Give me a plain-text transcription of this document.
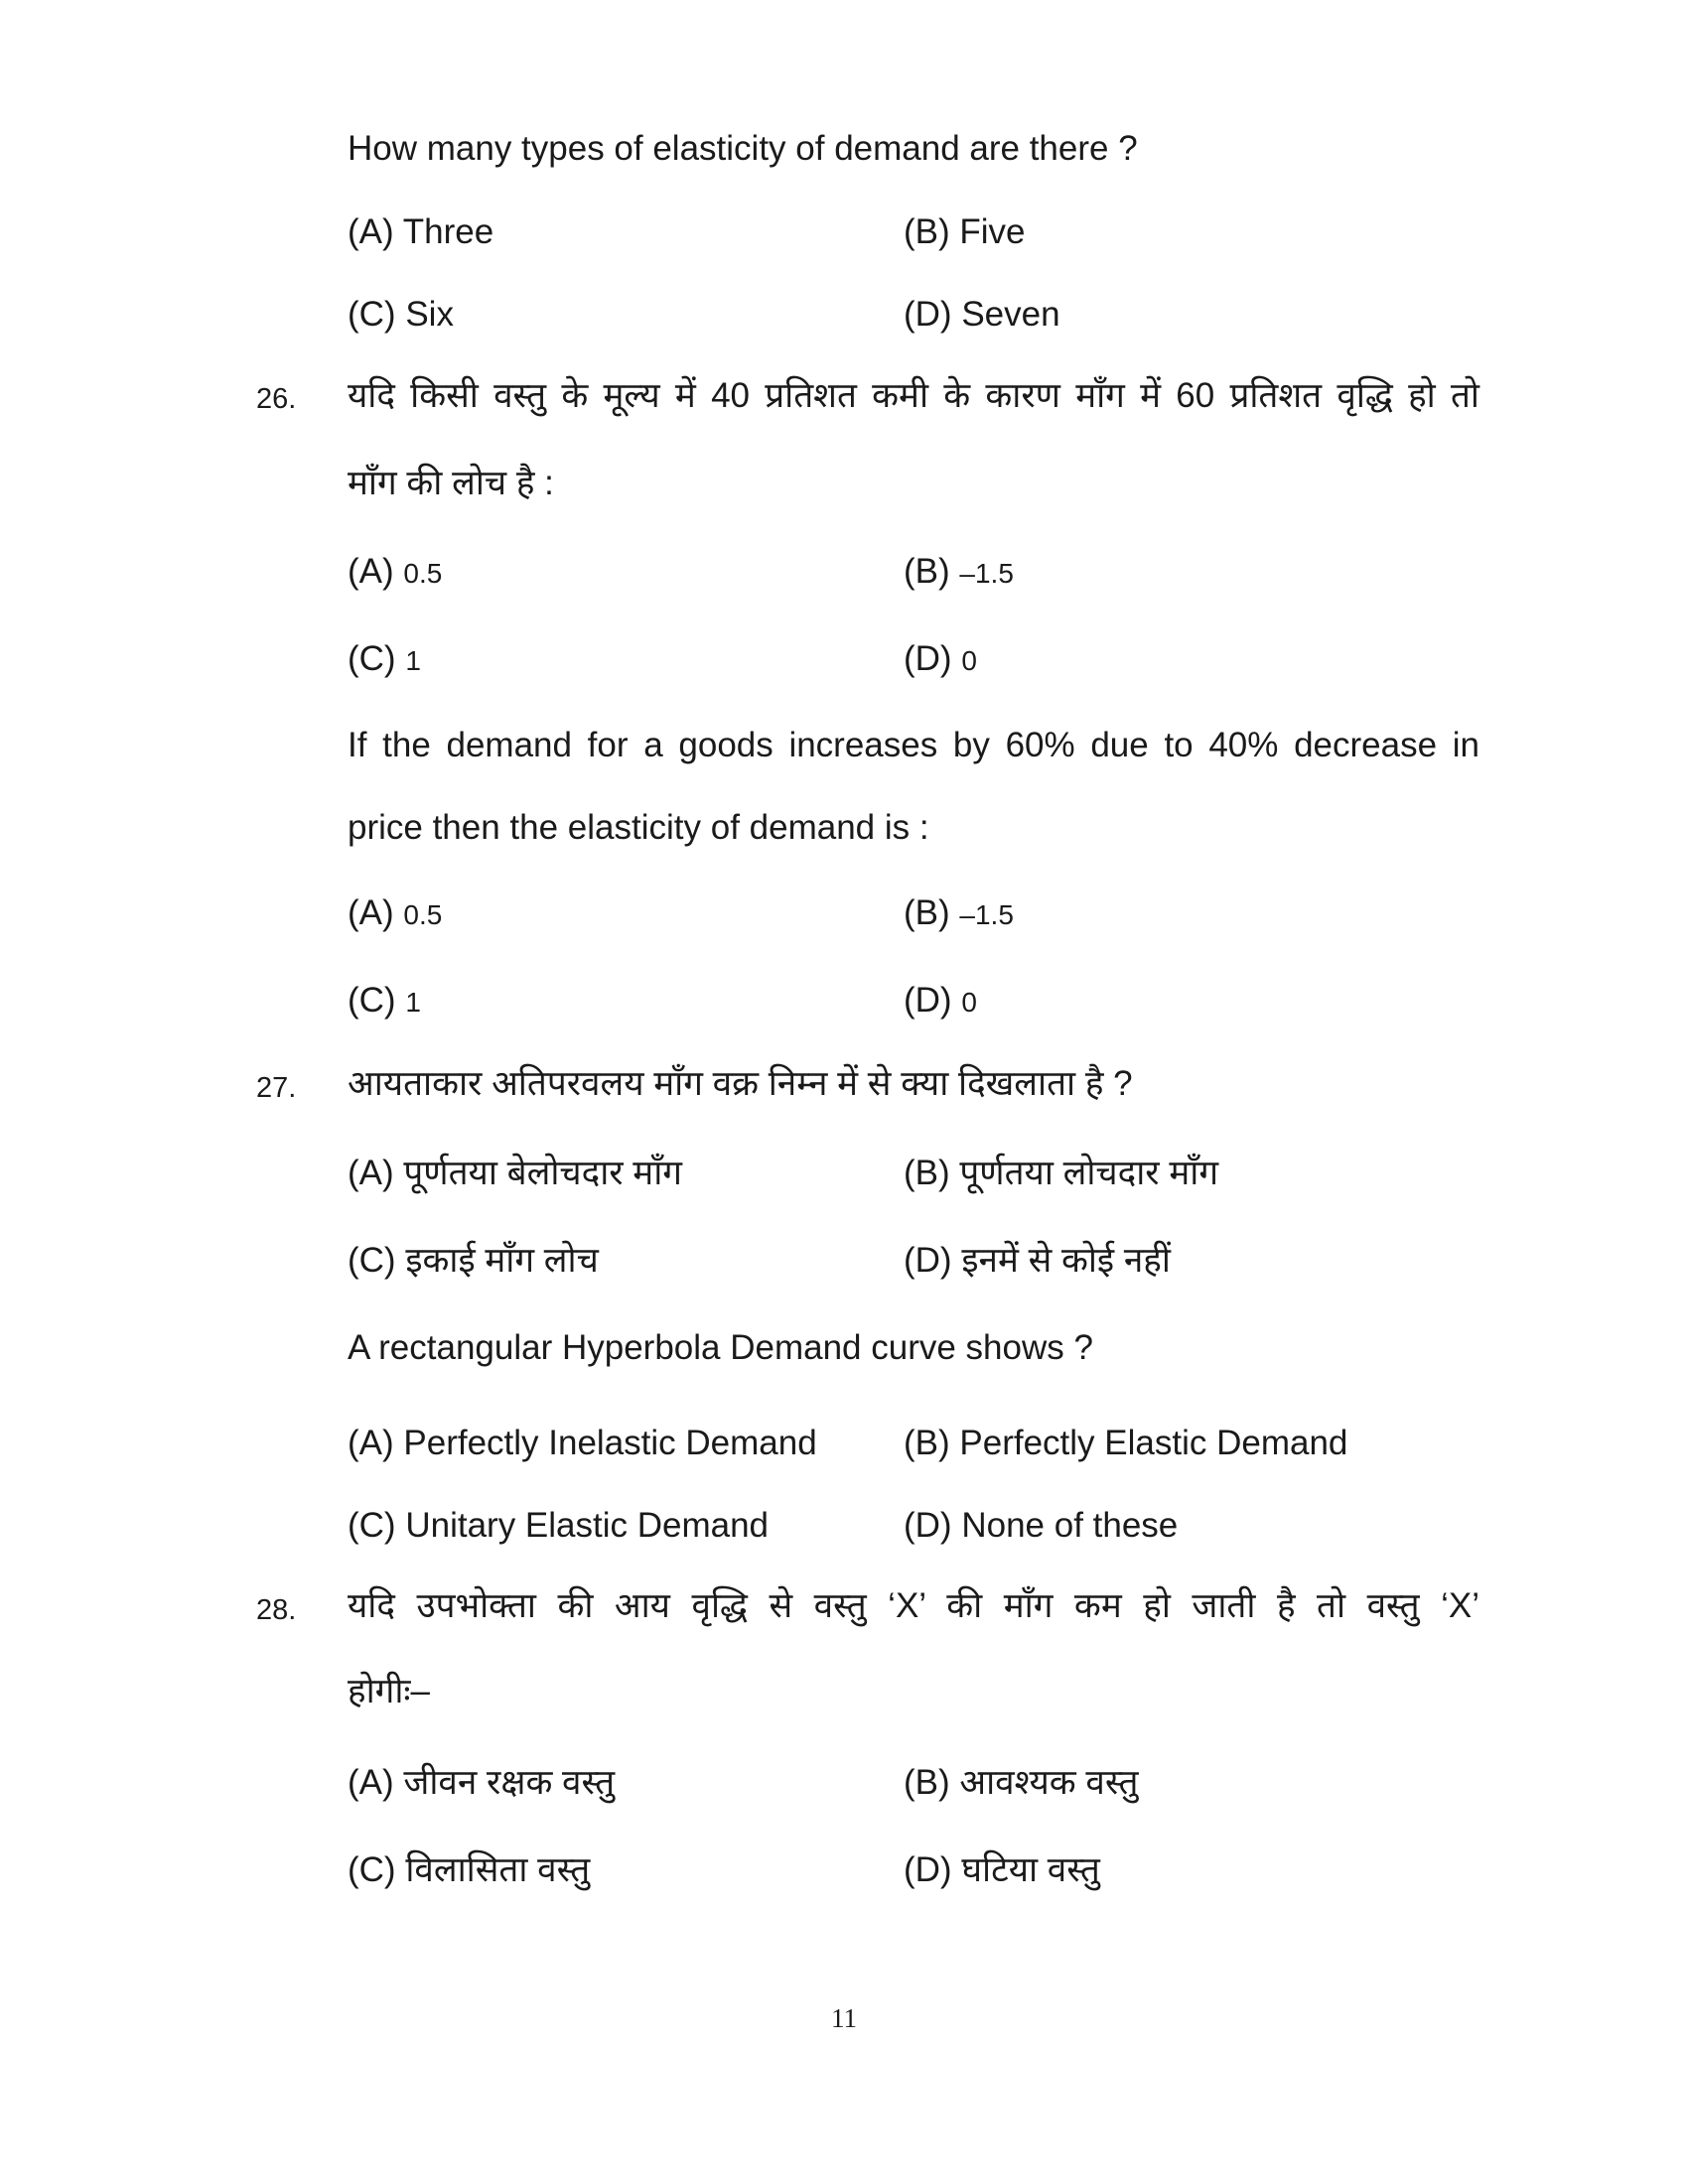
How many types of elasticity of demand are there ?
(A) Three	(B) Five
(C) Six	(D) Seven
26.	यदि किसी वस्तु के मूल्य में 40 प्रतिशत कमी के कारण माँग में 60 प्रतिशत वृद्धि हो तो
माँग की लोच है :
(A) 0.5	(B) –1.5
(C) 1	(D) 0
If the demand for a goods increases by 60% due to 40% decrease in
price then the elasticity of demand is :
(A) 0.5	(B) –1.5
(C) 1	(D) 0
27.	आयताकार अतिपरवलय माँग वक्र निम्न में से क्या दिखलाता है ?
(A) पूर्णतया बेलोचदार माँग	(B) पूर्णतया लोचदार माँग
(C) इकाई माँग लोच	(D) इनमें से कोई नहीं
A rectangular Hyperbola Demand curve shows ?
(A) Perfectly Inelastic Demand (B) Perfectly Elastic Demand
(C) Unitary Elastic Demand	(D) None of these
28.	यदि उपभोक्ता की आय वृद्धि से वस्तु ‘X’ की माँग कम हो जाती है तो वस्तु ‘X’
होगीः–
(A) जीवन रक्षक वस्तु	(B) आवश्यक वस्तु
(C) विलासिता वस्तु	(D) घटिया वस्तु
11
